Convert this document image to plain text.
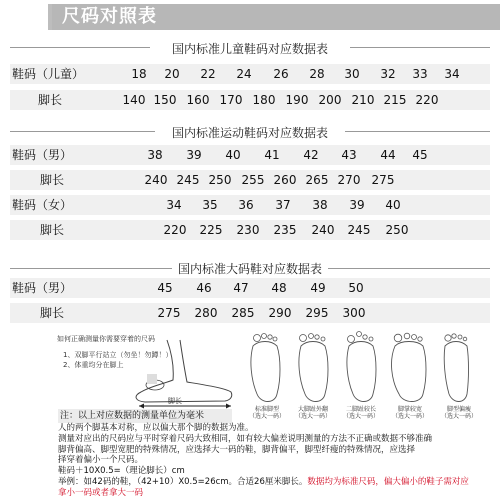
尺码对照表
国内标准儿童鞋码对应数据表
鞋码（儿童）	18	20	22	24	26	28	30	32	33	34
脚长	140 150 160 170 180 190 200 210 215 220
国内标准运动鞋码对应数据表
鞋码（男）	38	39	40	41	42	43	44	45
脚长	240 245 250 255 260 265 270 275
鞋码（女）	34	35	36	37	38	39	40
脚长	220	225	230	235	240	245	250
国内标准大码鞋对应数据表
鞋码（男）	45	46	47	48	49	50
脚长	275	280	285	290	295	300
如何正确测量你需要穿着的尺码
1、双脚平行站立（勿坐！勿蹲！）
2、体重均分在脚上
脚长
标准脚型
（选大一码）
大脚趾外翻
（选大一码）
二脚趾较长
（选大一码）
脚掌较宽
（选大一码）
脚型偏瘦
（选大一码）
注：以上对应数据的测量单位为毫米
人的两个脚基本对称，应以偏大那个脚的数据为准。
测量对应出的尺码应与平时穿着尺码大致相同，如有较大偏差说明测量的方法不正确或数据不够准确
脚背偏高、脚型宽肥的特殊情况，应选择大一码的鞋，脚背偏平，脚型纤瘦的特殊情况，应选择
择穿着偏小一个尺码。
鞋码＋10X0.5=（理论脚长）cm
举例：如42码的鞋，（42+10）X0.5=26cm。合适26厘米脚长。数据均为标准尺码，偏大偏小的鞋子需对应
拿小一码或者拿大一码
